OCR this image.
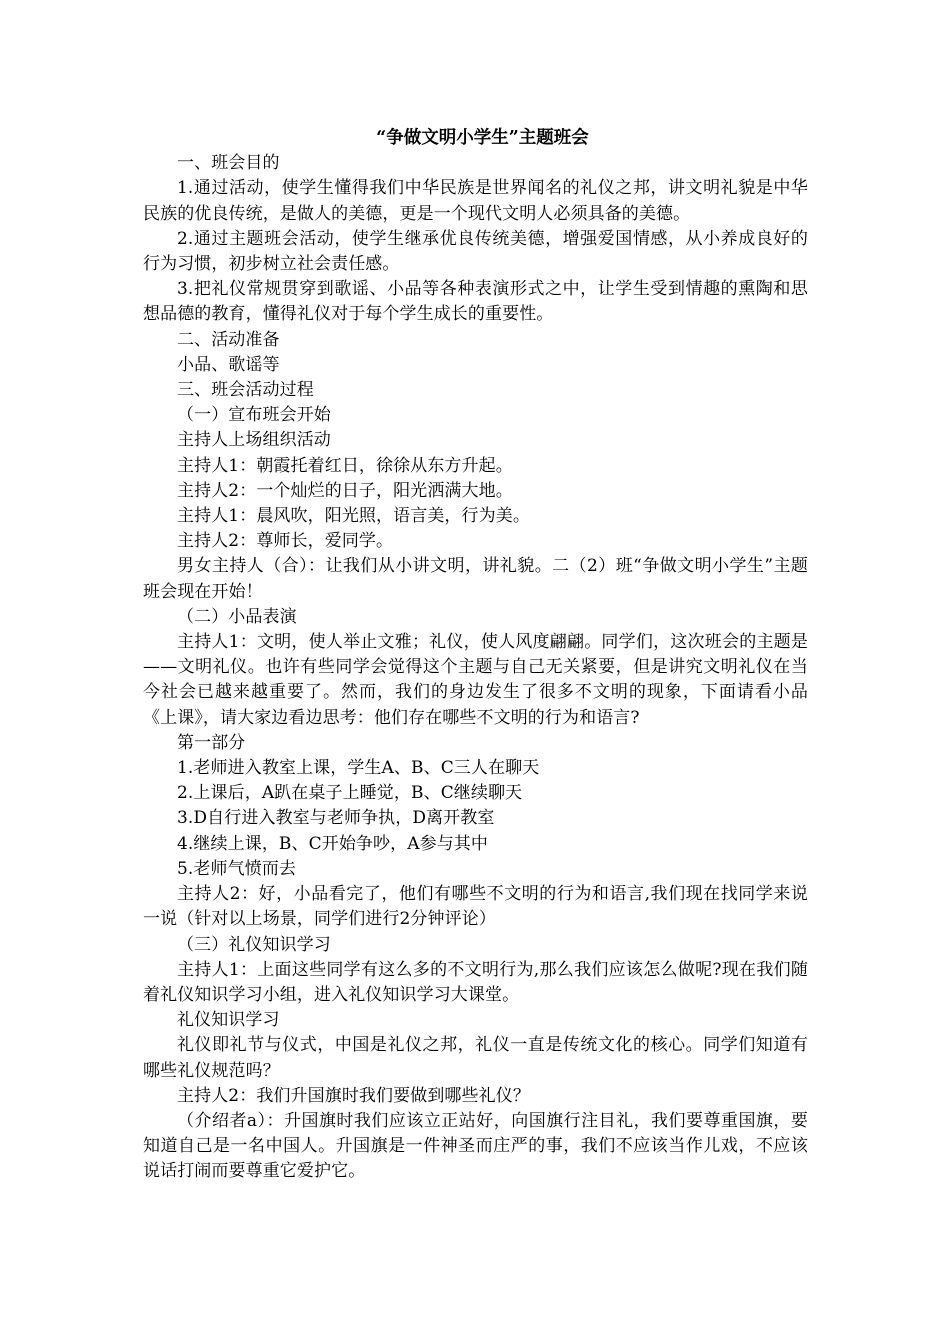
“争做文明小学生”主题班会

一、班会目的

1.通过活动，使学生懂得我们中华民族是世界闻名的礼仪之邦，讲文明礼貌是中华民族的优良传统，是做人的美德，更是一个现代文明人必须具备的美德。

2.通过主题班会活动，使学生继承优良传统美德，增强爱国情感，从小养成良好的行为习惯，初步树立社会责任感。

3.把礼仪常规贯穿到歌谣、小品等各种表演形式之中，让学生受到情趣的熏陶和思想品德的教育，懂得礼仪对于每个学生成长的重要性。

二、活动准备

小品、歌谣等

三、班会活动过程

（一）宣布班会开始

主持人上场组织活动

主持人1：朝霞托着红日，徐徐从东方升起。

主持人2：一个灿烂的日子，阳光洒满大地。

主持人1：晨风吹，阳光照，语言美，行为美。

主持人2：尊师长，爱同学。

男女主持人（合）：让我们从小讲文明，讲礼貌。二（2）班“争做文明小学生”主题班会现在开始！

（二）小品表演

主持人1：文明，使人举止文雅；礼仪，使人风度翩翩。同学们，这次班会的主题是——文明礼仪。也许有些同学会觉得这个主题与自己无关紧要，但是讲究文明礼仪在当今社会已越来越重要了。然而，我们的身边发生了很多不文明的现象，下面请看小品《上课》，请大家边看边思考：他们存在哪些不文明的行为和语言?

第一部分

1.老师进入教室上课，学生A、B、C三人在聊天

2.上课后，A趴在桌子上睡觉，B、C继续聊天

3.D自行进入教室与老师争执，D离开教室

4.继续上课，B、C开始争吵，A参与其中

5.老师气愤而去

主持人2：好，小品看完了，他们有哪些不文明的行为和语言,我们现在找同学来说一说（针对以上场景，同学们进行2分钟评论）

（三）礼仪知识学习

主持人1：上面这些同学有这么多的不文明行为,那么我们应该怎么做呢?现在我们随着礼仪知识学习小组，进入礼仪知识学习大课堂。

礼仪知识学习

礼仪即礼节与仪式，中国是礼仪之邦，礼仪一直是传统文化的核心。同学们知道有哪些礼仪规范吗？

主持人2：我们升国旗时我们要做到哪些礼仪？

（介绍者a）：升国旗时我们应该立正站好，向国旗行注目礼，我们要尊重国旗，要知道自己是一名中国人。升国旗是一件神圣而庄严的事，我们不应该当作儿戏，不应该说话打闹而要尊重它爱护它。
